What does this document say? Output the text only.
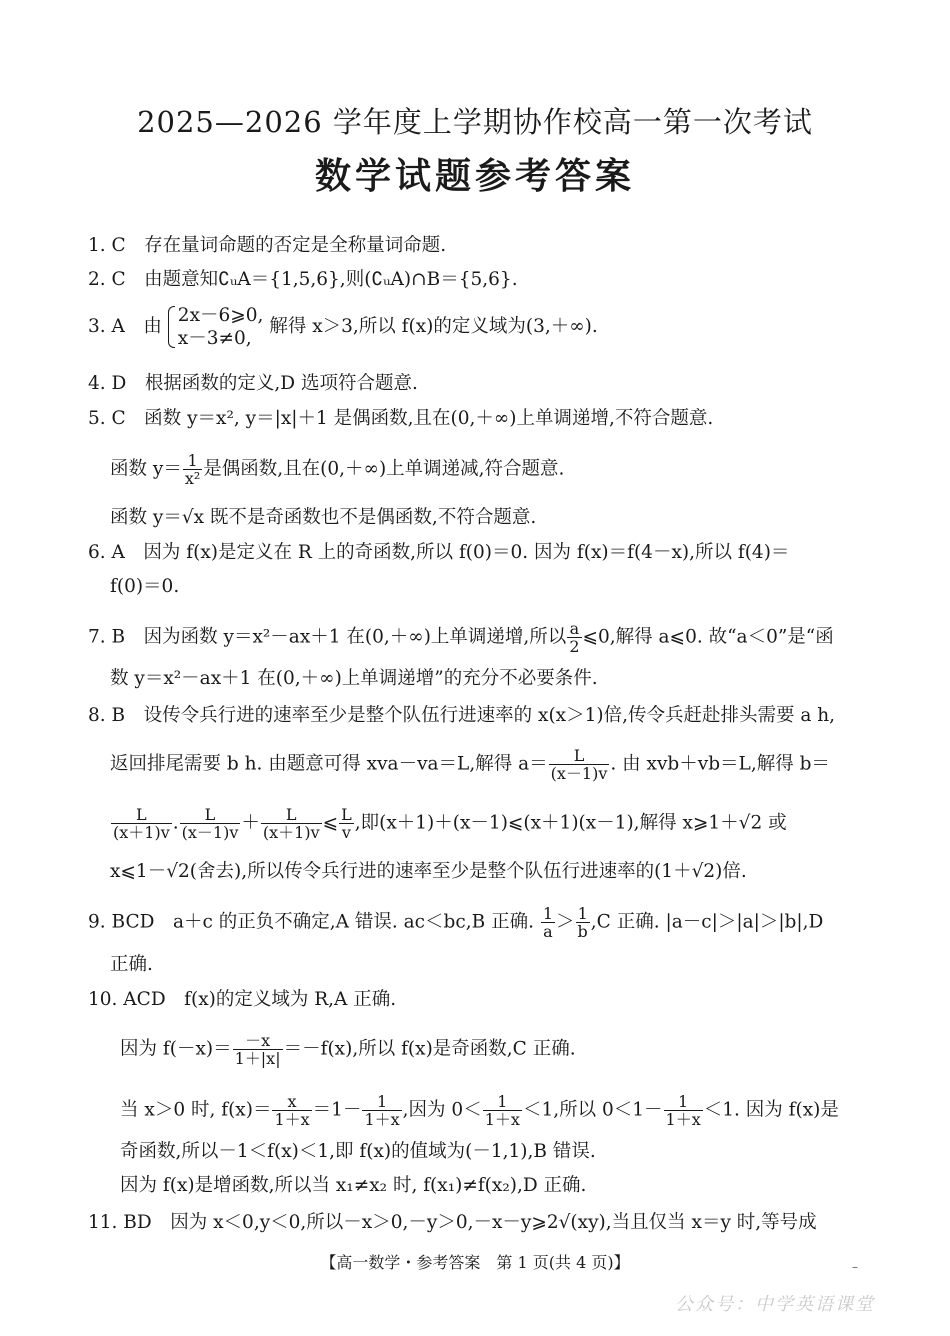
2025—2026 学年度上学期协作校高一第一次考试
数学试题参考答案
1. C　存在量词命题的否定是全称量词命题.
2. C　由题意知∁ᵤA＝{1,5,6},则(∁ᵤA)∩B＝{5,6}.
3. A　由
2x－6⩾0,
x－3≠0,
解得 x＞3,所以 f(x)的定义域为(3,＋∞).
4. D　根据函数的定义,D 选项符合题意.
5. C　函数 y＝x², y＝|x|＋1 是偶函数,且在(0,＋∞)上单调递增,不符合题意.
函数 $y= \frac{1}{\text{x²}}$ 是偶函数,且在(0,＋∞)上单调递减,符合题意.
函数 y＝√x 既不是奇函数也不是偶函数,不符合题意.
6. A　因为 f(x)是定义在 R 上的奇函数,所以 f(0)＝0. 因为 f(x)＝f(4－x),所以 f(4)＝
f(0)＝0.
7. B　因为函数 y＝x²－ax＋1 在(0,＋∞)上单调递增,所以 $\frac{a}{2}$ ⩽0,解得 a⩽0. 故“a＜0”是“函
数 y＝x²－ax＋1 在(0,＋∞)上单调递增”的充分不必要条件.
8. B　设传令兵行进的速率至少是整个队伍行进速率的 x(x＞1)倍,传令兵赶赴排头需要 a h,
返回排尾需要 b h. 由题意可得 xva－va＝L,解得 $a= \frac{L}{(x-1)v}$ . 由 xvb＋vb＝L,解得 b＝
$\frac{L}{(x+1)v}$ . $\frac{L}{(x-1)v} + \frac{L}{(x+1)v}$ ⩽ $\frac{L}{v}$ ,即(x＋1)＋(x－1)⩽(x＋1)(x－1),解得 x⩾1＋√2 或
x⩽1－√2(舍去),所以传令兵行进的速率至少是整个队伍行进速率的(1＋√2)倍.
9. BCD　a＋c 的正负不确定,A 错误. ac＜bc,B 正确. $\frac{1}{a} > \frac{1}{b} ,C$ 正确. |a－c|＞|a|＞|b|,D
正确.
10. ACD　f(x)的定义域为 R,A 正确.
因为 $f(-x)= \frac{-x}{1+|x|} =-f(x)$,所以 f(x)是奇函数,C 正确.
当 x＞0 时, $f(x)= \frac{x}{1+x} =1- \frac{1}{1+x}$ ,因为 $0< \frac{1}{1+x} <1$,所以 $0<1- \frac{1}{1+x} <1$. 因为 f(x)是
奇函数,所以－1＜f(x)＜1,即 f(x)的值域为(－1,1),B 错误.
因为 f(x)是增函数,所以当 x₁≠x₂ 时, f(x₁)≠f(x₂),D 正确.
11. BD　因为 x＜0,y＜0,所以－x＞0,－y＞0,－x－y⩾2√(xy),当且仅当 x＝y 时,等号成
【高一数学・参考答案　第 1 页(共 4 页)】	–
公众号：中学英语课堂
